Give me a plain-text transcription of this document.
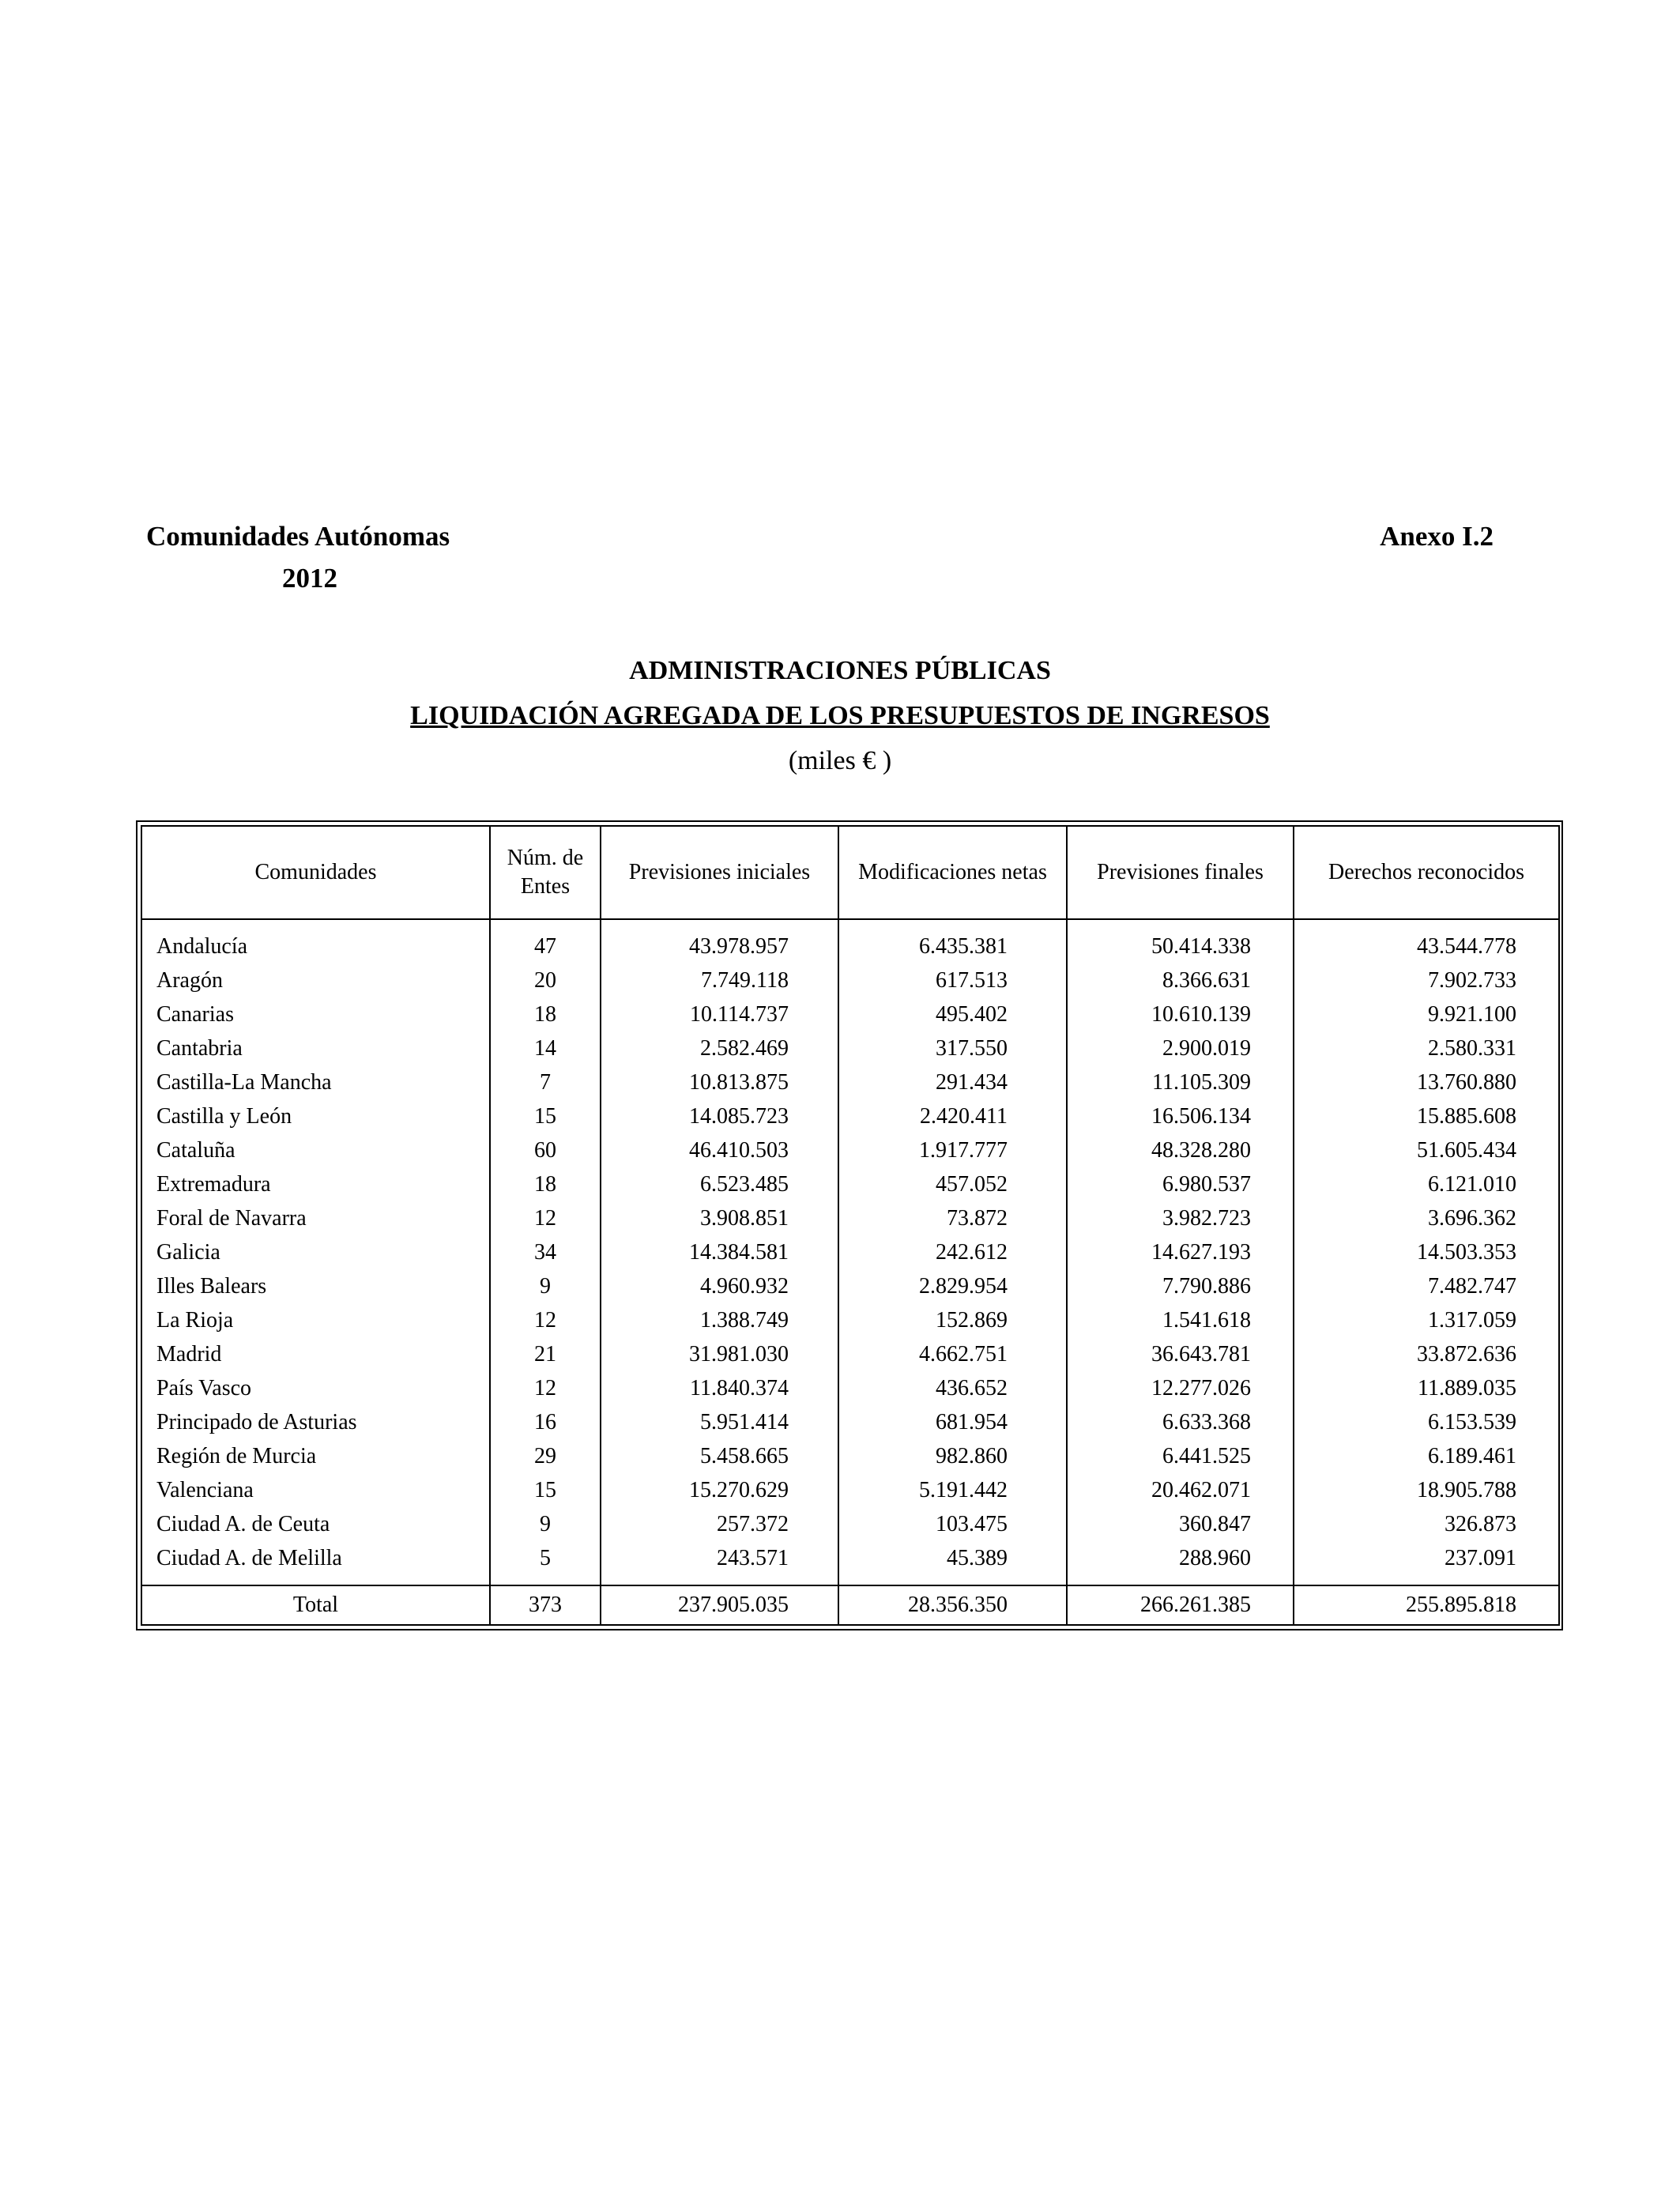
Comunidades Autónomas
2012
Anexo I.2
ADMINISTRACIONES PÚBLICAS
LIQUIDACIÓN AGREGADA DE LOS PRESUPUESTOS DE INGRESOS
(miles € )
Comunidades	Núm. de Entes	Previsiones iniciales	Modificaciones netas	Previsiones finales	Derechos reconocidos
Andalucía	47	43.978.957	6.435.381	50.414.338	43.544.778
Aragón	20	7.749.118	617.513	8.366.631	7.902.733
Canarias	18	10.114.737	495.402	10.610.139	9.921.100
Cantabria	14	2.582.469	317.550	2.900.019	2.580.331
Castilla-La Mancha	7	10.813.875	291.434	11.105.309	13.760.880
Castilla y León	15	14.085.723	2.420.411	16.506.134	15.885.608
Cataluña	60	46.410.503	1.917.777	48.328.280	51.605.434
Extremadura	18	6.523.485	457.052	6.980.537	6.121.010
Foral de Navarra	12	3.908.851	73.872	3.982.723	3.696.362
Galicia	34	14.384.581	242.612	14.627.193	14.503.353
Illes Balears	9	4.960.932	2.829.954	7.790.886	7.482.747
La Rioja	12	1.388.749	152.869	1.541.618	1.317.059
Madrid	21	31.981.030	4.662.751	36.643.781	33.872.636
País Vasco	12	11.840.374	436.652	12.277.026	11.889.035
Principado de Asturias	16	5.951.414	681.954	6.633.368	6.153.539
Región de Murcia	29	5.458.665	982.860	6.441.525	6.189.461
Valenciana	15	15.270.629	5.191.442	20.462.071	18.905.788
Ciudad A. de Ceuta	9	257.372	103.475	360.847	326.873
Ciudad A. de Melilla	5	243.571	45.389	288.960	237.091
Total	373	237.905.035	28.356.350	266.261.385	255.895.818
